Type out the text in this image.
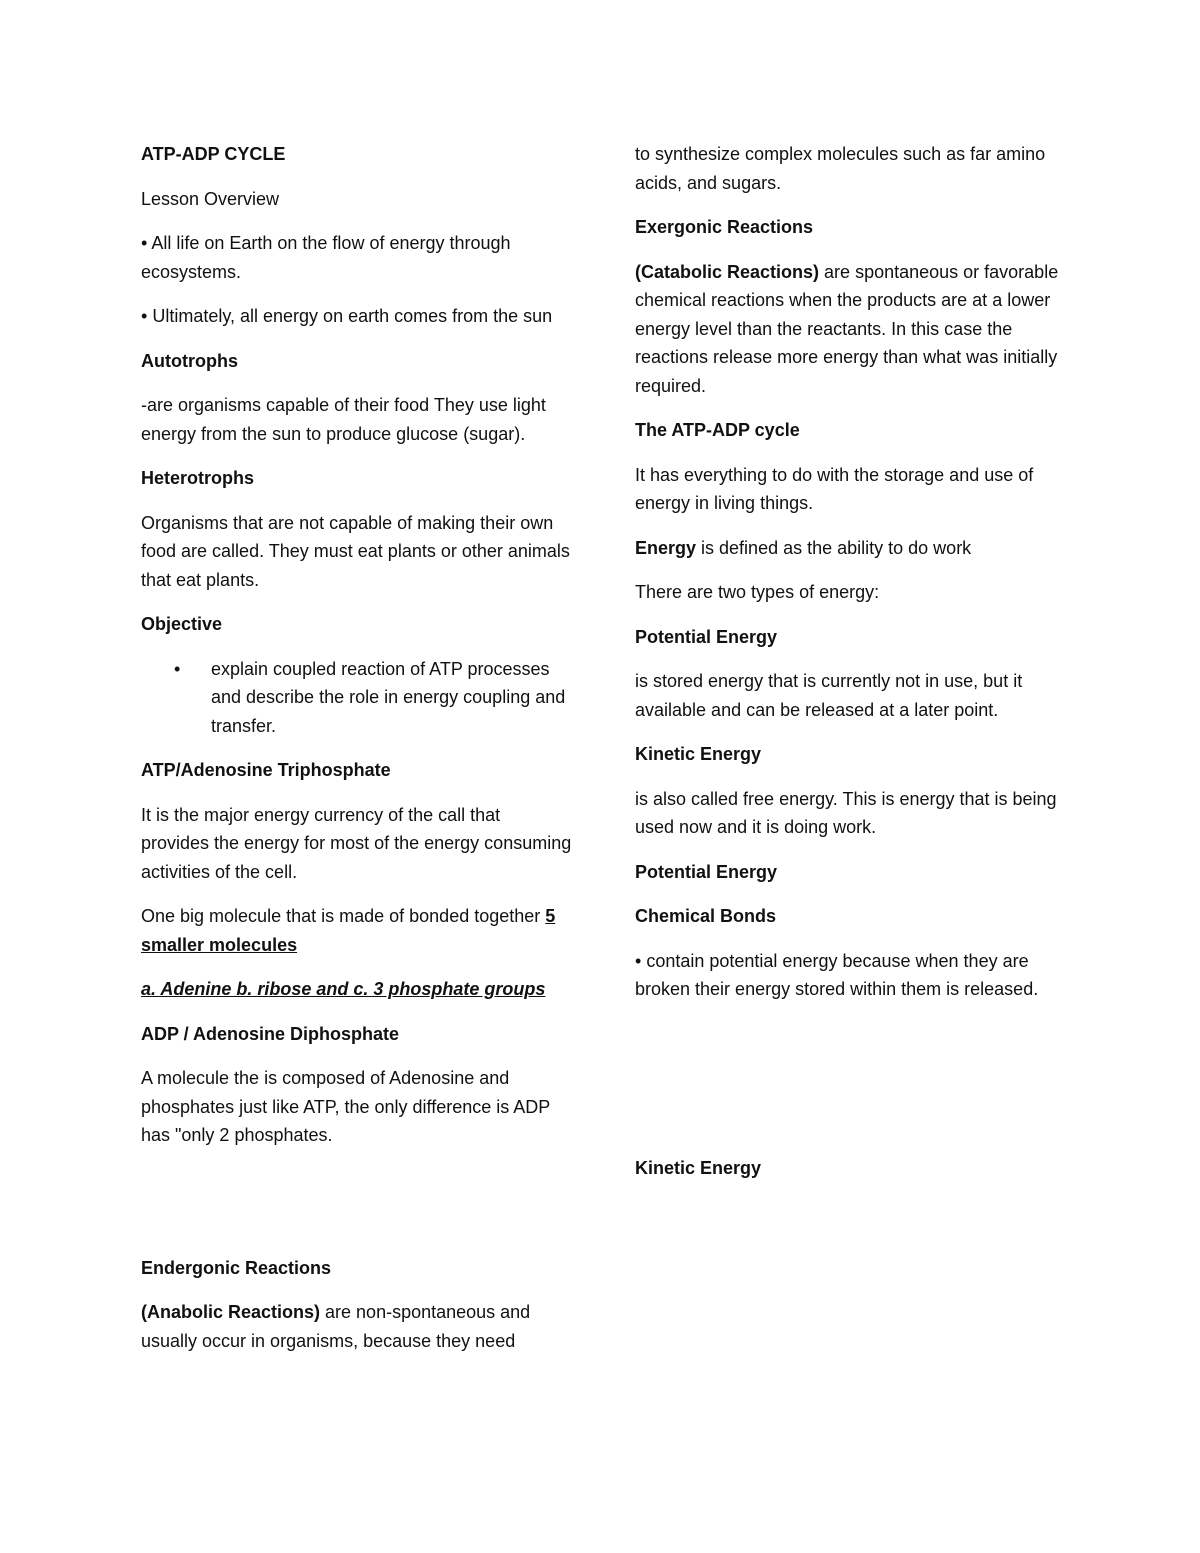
ATP-ADP CYCLE

Lesson Overview

• All life on Earth on the flow of energy through ecosystems.

• Ultimately, all energy on earth comes from the sun

Autotrophs

-are organisms capable of their food They use light energy from the sun to produce glucose (sugar).

Heterotrophs

Organisms that are not capable of making their own food are called. They must eat plants or other animals that eat plants.

Objective

• explain coupled reaction of ATP processes and describe the role in energy coupling and transfer.

ATP/Adenosine Triphosphate

It is the major energy currency of the call that provides the energy for most of the energy consuming activities of the cell.

One big molecule that is made of bonded together 5 smaller molecules

a. Adenine b. ribose and c. 3 phosphate groups

ADP / Adenosine Diphosphate

A molecule the is composed of Adenosine and phosphates just like ATP, the only difference is ADP has "only 2 phosphates.

Endergonic Reactions

(Anabolic Reactions) are non-spontaneous and usually occur in organisms, because they need

to synthesize complex molecules such as far amino acids, and sugars.

Exergonic Reactions

(Catabolic Reactions) are spontaneous or favorable chemical reactions when the products are at a lower energy level than the reactants. In this case the reactions release more energy than what was initially required.

The ATP-ADP cycle

It has everything to do with the storage and use of energy in living things.

Energy is defined as the ability to do work

There are two types of energy:

Potential Energy

is stored energy that is currently not in use, but it available and can be released at a later point.

Kinetic Energy

is also called free energy. This is energy that is being used now and it is doing work.

Potential Energy

Chemical Bonds

• contain potential energy because when they are broken their energy stored within them is released.

Kinetic Energy
